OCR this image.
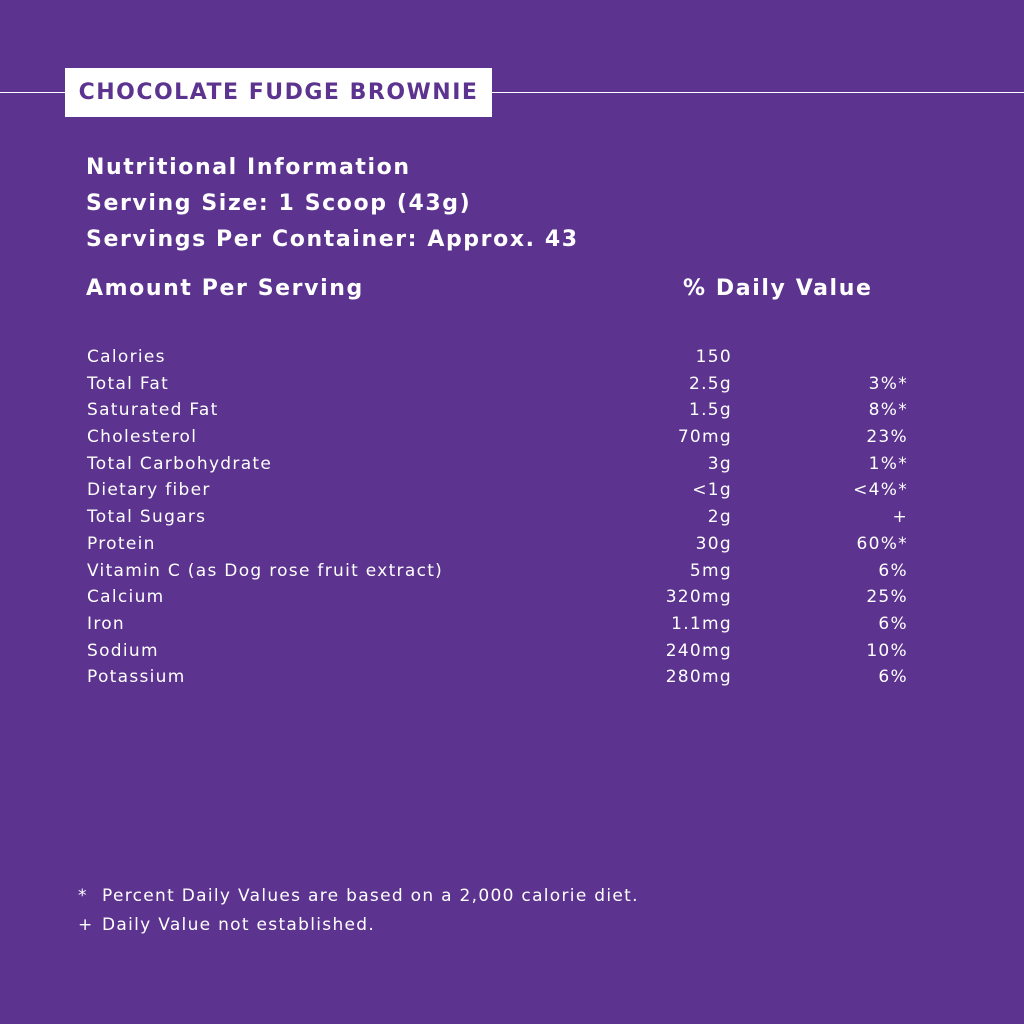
CHOCOLATE FUDGE BROWNIE
Nutritional Information
Serving Size: 1 Scoop (43g)
Servings Per Container: Approx. 43
Amount Per Serving	% Daily Value
Calories	150
Total Fat	2.5g	3%*
Saturated Fat	1.5g	8%*
Cholesterol	70mg	23%
Total Carbohydrate	3g	1%*
Dietary fiber	<1g	<4%*
Total Sugars	2g	+
Protein	30g	60%*
Vitamin C (as Dog rose fruit extract)	5mg	6%
Calcium	320mg	25%
Iron	1.1mg	6%
Sodium	240mg	10%
Potassium	280mg	6%
* Percent Daily Values are based on a 2,000 calorie diet.
+ Daily Value not established.
